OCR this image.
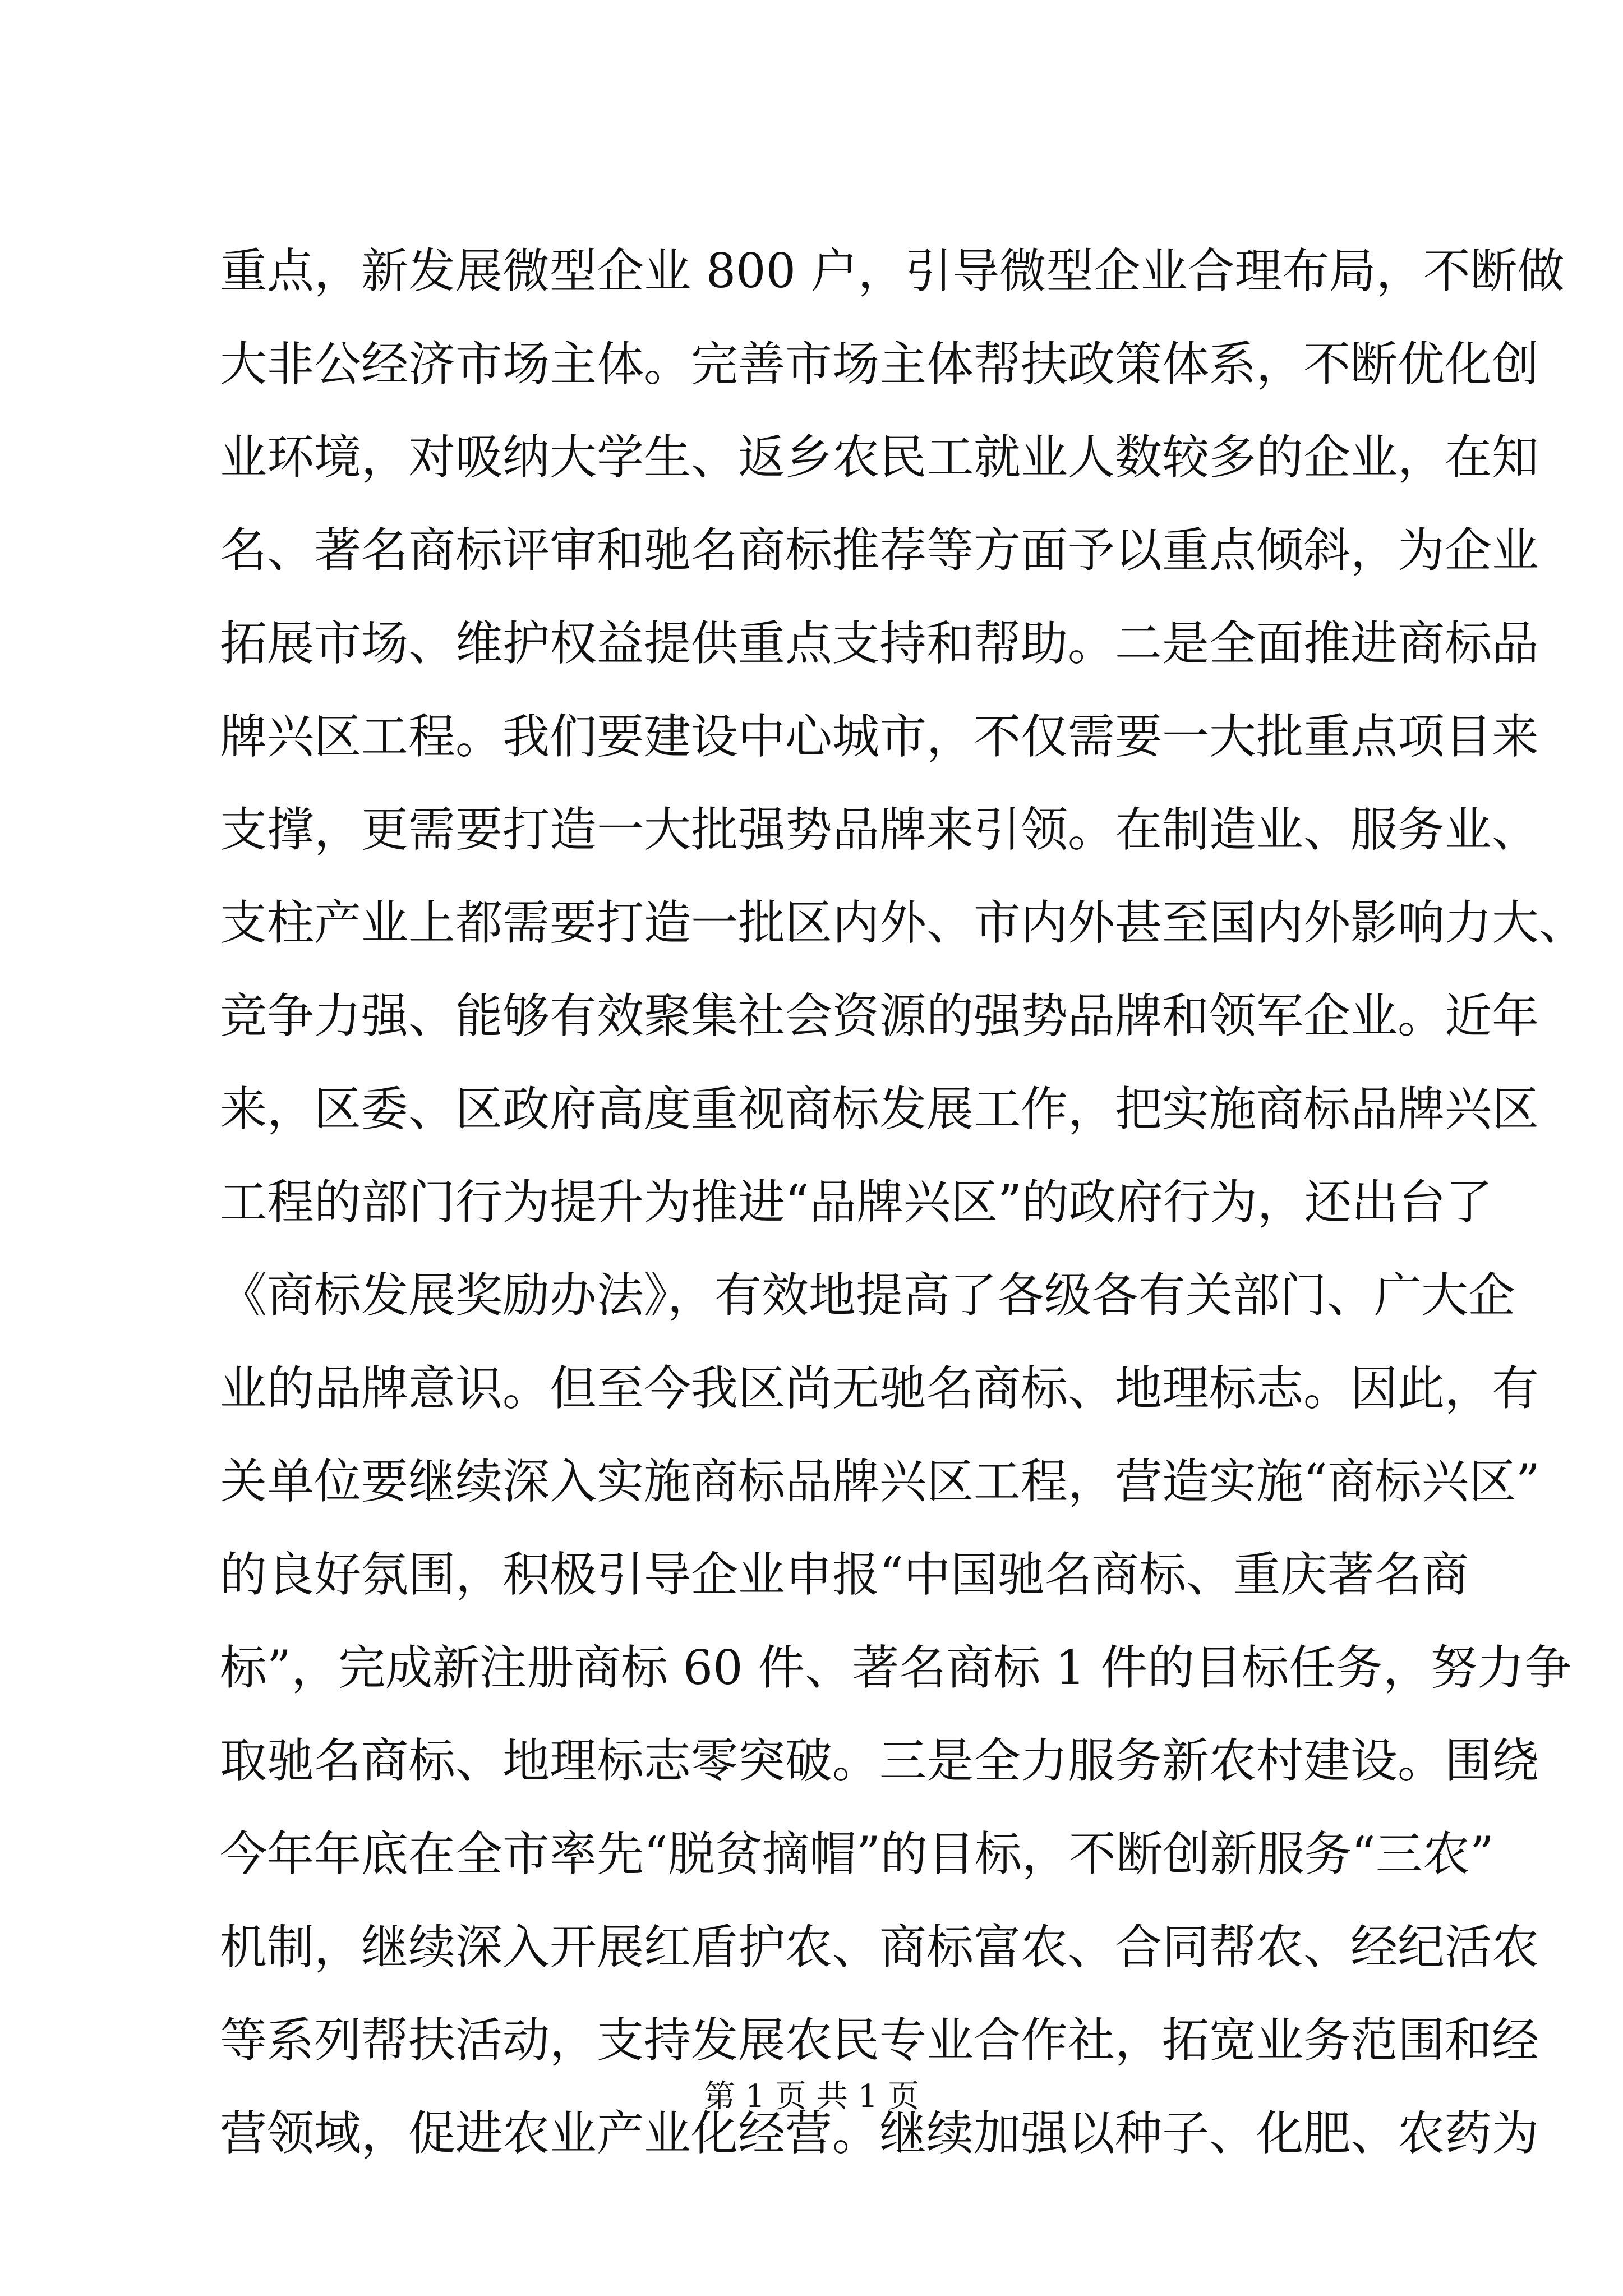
重点，新发展微型企业 800 户，引导微型企业合理布局，不断做
大非公经济市场主体。完善市场主体帮扶政策体系，不断优化创
业环境，对吸纳大学生、返乡农民工就业人数较多的企业，在知
名、著名商标评审和驰名商标推荐等方面予以重点倾斜，为企业
拓展市场、维护权益提供重点支持和帮助。二是全面推进商标品
牌兴区工程。我们要建设中心城市，不仅需要一大批重点项目来
支撑，更需要打造一大批强势品牌来引领。在制造业、服务业、
支柱产业上都需要打造一批区内外、市内外甚至国内外影响力大、
竞争力强、能够有效聚集社会资源的强势品牌和领军企业。近年
来，区委、区政府高度重视商标发展工作，把实施商标品牌兴区
工程的部门行为提升为推进“品牌兴区”的政府行为，还出台了
《商标发展奖励办法》，有效地提高了各级各有关部门、广大企
业的品牌意识。但至今我区尚无驰名商标、地理标志。因此，有
关单位要继续深入实施商标品牌兴区工程，营造实施“商标兴区”
的良好氛围，积极引导企业申报“中国驰名商标、重庆著名商
标”，完成新注册商标 60 件、著名商标 1 件的目标任务，努力争
取驰名商标、地理标志零突破。三是全力服务新农村建设。围绕
今年年底在全市率先“脱贫摘帽”的目标，不断创新服务“三农”
机制，继续深入开展红盾护农、商标富农、合同帮农、经纪活农
等系列帮扶活动，支持发展农民专业合作社，拓宽业务范围和经
营领域，促进农业产业化经营。继续加强以种子、化肥、农药为
第 1 页 共 1 页
